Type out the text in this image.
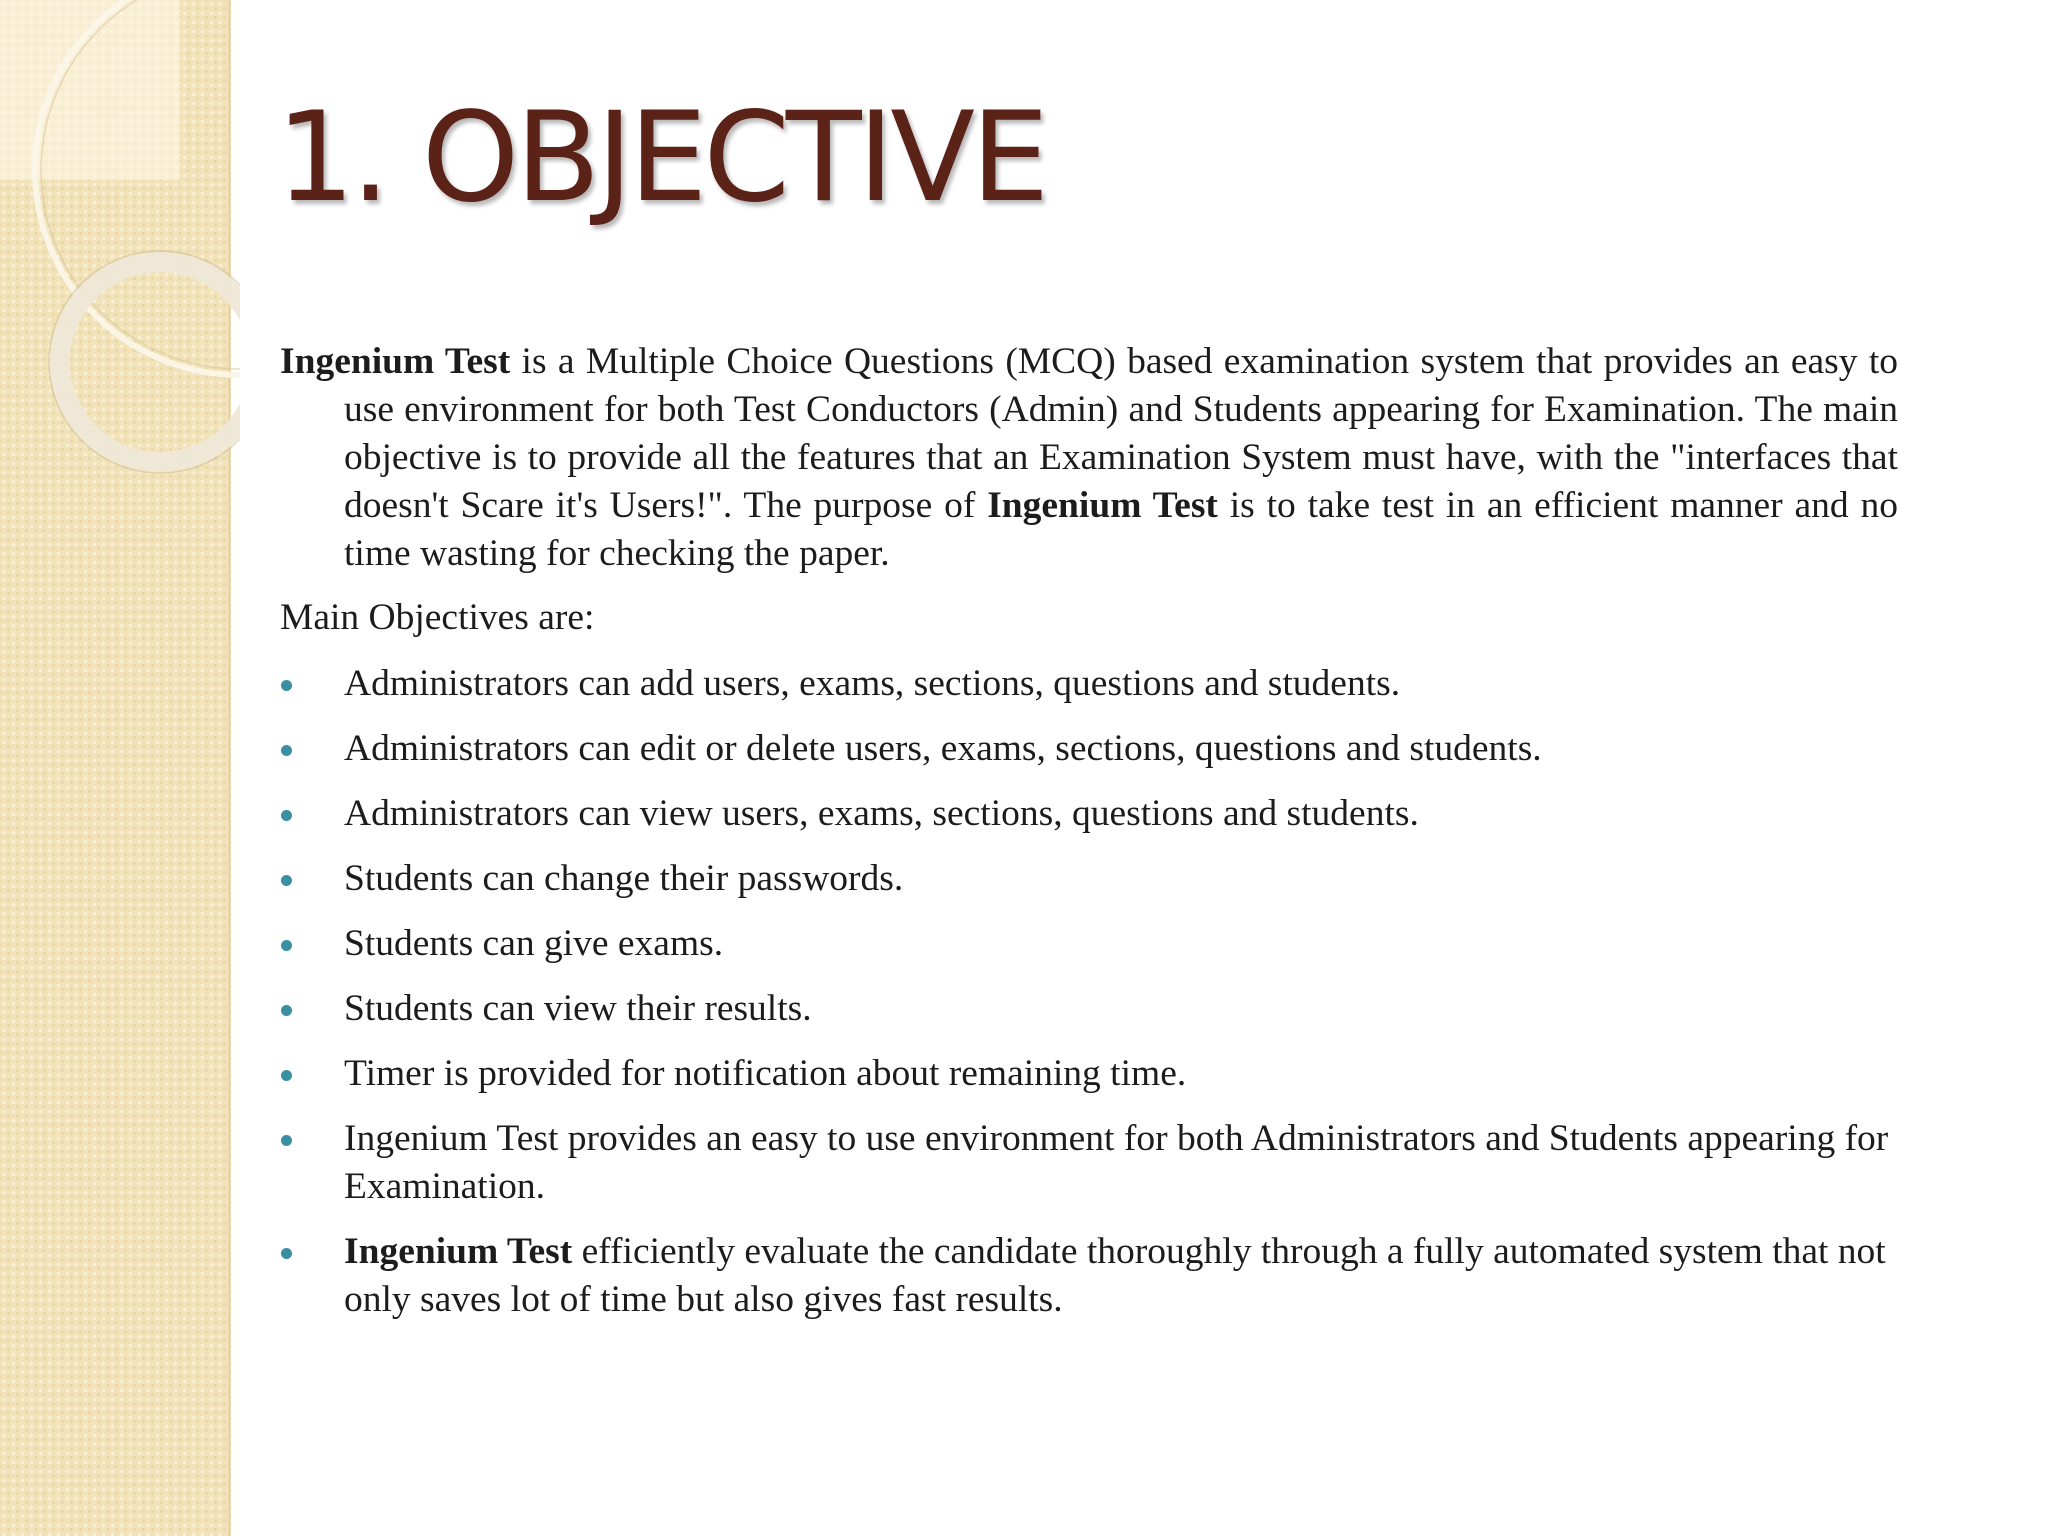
1. OBJECTIVE

Ingenium Test is a Multiple Choice Questions (MCQ) based examination system that provides an easy to use environment for both Test Conductors (Admin) and Students appearing for Examination. The main objective is to provide all the features that an Examination System must have, with the "interfaces that doesn't Scare it's Users!". The purpose of Ingenium Test is to take test in an efficient manner and no time wasting for checking the paper.

Main Objectives are:

Administrators can add users, exams, sections, questions and students.
Administrators can edit or delete users, exams, sections, questions and students.
Administrators can view users, exams, sections, questions and students.
Students can change their passwords.
Students can give exams.
Students can view their results.
Timer is provided for notification about remaining time.
Ingenium Test provides an easy to use environment for both Administrators and Students appearing for Examination.
Ingenium Test efficiently evaluate the candidate thoroughly through a fully automated system that not only saves lot of time but also gives fast results.
